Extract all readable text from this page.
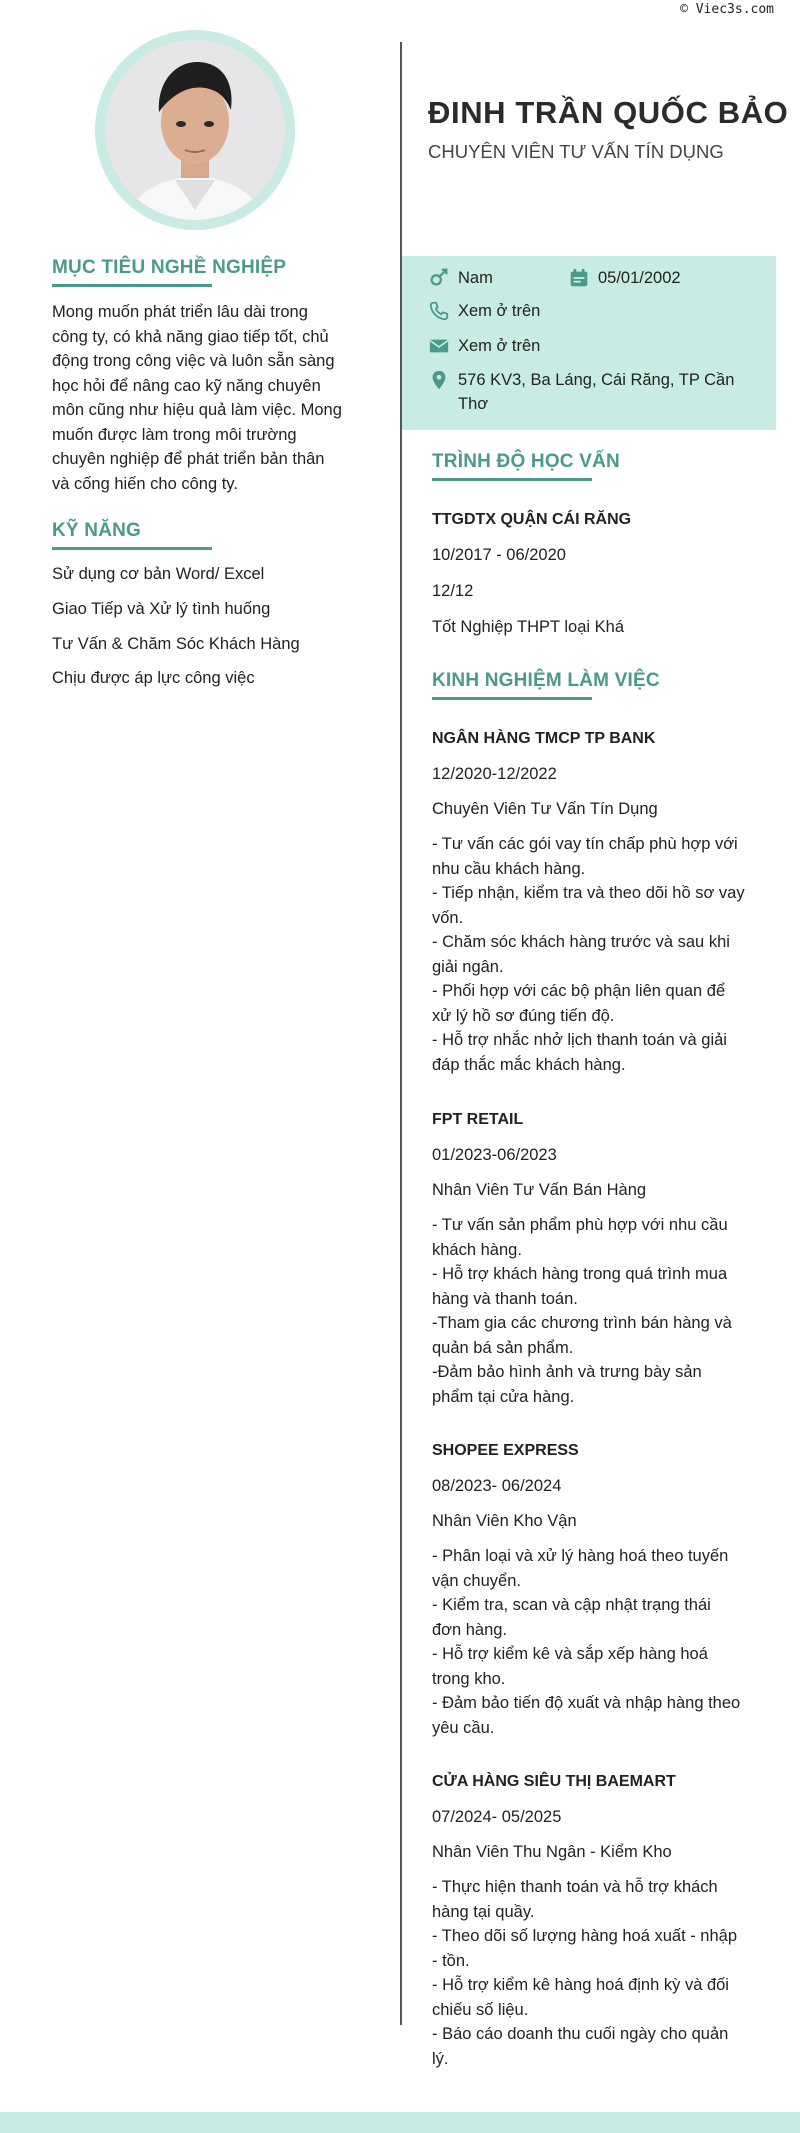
ĐINH TRẦN QUỐC BẢO
CHUYÊN VIÊN TƯ VẤN TÍN DỤNG
MỤC TIÊU NGHỀ NGHIỆP
Mong muốn phát triển lâu dài trong
công ty, có khả năng giao tiếp tốt, chủ
động trong công việc và luôn sẵn sàng
học hỏi để nâng cao kỹ năng chuyên
môn cũng như hiệu quả làm việc. Mong
muốn được làm trong môi trường
chuyên nghiệp để phát triển bản thân
và cống hiến cho công ty.
KỸ NĂNG
Sử dụng cơ bản Word/ Excel
Giao Tiếp và Xử lý tình huống
Tư Vấn & Chăm Sóc Khách Hàng
Chịu được áp lực công việc
Nam	05/01/2002
Xem ở trên
Xem ở trên
576 KV3, Ba Láng, Cái Răng, TP Cần
Thơ
TRÌNH ĐỘ HỌC VẤN
TTGDTX QUẬN CÁI RĂNG
10/2017 - 06/2020
12/12
Tốt Nghiệp THPT loại Khá
KINH NGHIỆM LÀM VIỆC
NGÂN HÀNG TMCP TP BANK
12/2020-12/2022
Chuyên Viên Tư Vấn Tín Dụng
- Tư vấn các gói vay tín chấp phù hợp với
nhu cầu khách hàng.
- Tiếp nhận, kiểm tra và theo dõi hồ sơ vay
vốn.
- Chăm sóc khách hàng trước và sau khi
giải ngân.
- Phối hợp với các bộ phận liên quan để
xử lý hồ sơ đúng tiến độ.
- Hỗ trợ nhắc nhở lịch thanh toán và giải
đáp thắc mắc khách hàng.
FPT RETAIL
01/2023-06/2023
Nhân Viên Tư Vấn Bán Hàng
- Tư vấn sản phẩm phù hợp với nhu cầu
khách hàng.
- Hỗ trợ khách hàng trong quá trình mua
hàng và thanh toán.
-Tham gia các chương trình bán hàng và
quản bá sản phẩm.
-Đảm bảo hình ảnh và trưng bày sản
phẩm tại cửa hàng.
SHOPEE EXPRESS
08/2023- 06/2024
Nhân Viên Kho Vận
- Phân loại và xử lý hàng hoá theo tuyến
vận chuyển.
- Kiểm tra, scan và cập nhật trạng thái
đơn hàng.
- Hỗ trợ kiểm kê và sắp xếp hàng hoá
trong kho.
- Đảm bảo tiến độ xuất và nhập hàng theo
yêu cầu.
CỬA HÀNG SIÊU THỊ BAEMART
07/2024- 05/2025
Nhân Viên Thu Ngân - Kiểm Kho
- Thực hiện thanh toán và hỗ trợ khách
hàng tại quầy.
- Theo dõi số lượng hàng hoá xuất - nhập
- tồn.
- Hỗ trợ kiểm kê hàng hoá định kỳ và đối
chiếu số liệu.
- Báo cáo doanh thu cuối ngày cho quản
lý.
© Viec3s.com
